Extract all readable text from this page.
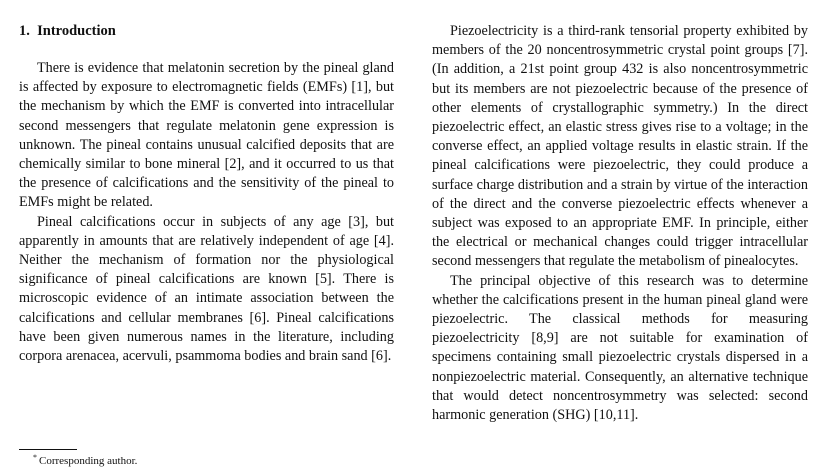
1. Introduction

There is evidence that melatonin secretion by the pineal gland is affected by exposure to electromagnetic fields (EMFs) [1], but the mechanism by which the EMF is converted into intracellular second messengers that regulate melatonin gene expression is unknown. The pineal contains unusual calcified deposits that are chemically similar to bone mineral [2], and it occurred to us that the presence of calcifications and the sensitivity of the pineal to EMFs might be related.

Pineal calcifications occur in subjects of any age [3], but apparently in amounts that are relatively independent of age [4]. Neither the mechanism of formation nor the physiological significance of pineal calcifications are known [5]. There is microscopic evidence of an intimate association between the calcifications and cellular membranes [6]. Pineal calcifications have been given numerous names in the literature, including corpora arenacea, acervuli, psammoma bodies and brain sand [6].

Piezoelectricity is a third-rank tensorial property exhibited by members of the 20 noncentrosymmetric crystal point groups [7]. (In addition, a 21st point group 432 is also noncentrosymmetric but its members are not piezoelectric because of the presence of other elements of crystallographic symmetry.) In the direct piezoelectric effect, an elastic stress gives rise to a voltage; in the converse effect, an applied voltage results in elastic strain. If the pineal calcifications were piezoelectric, they could produce a surface charge distribution and a strain by virtue of the interaction of the direct and the converse piezoelectric effects whenever a subject was exposed to an appropriate EMF. In principle, either the electrical or mechanical changes could trigger intracellular second messengers that regulate the metabolism of pinealocytes.

The principal objective of this research was to determine whether the calcifications present in the human pineal gland were piezoelectric. The classical methods for measuring piezoelectricity [8,9] are not suitable for examination of specimens containing small piezoelectric crystals dispersed in a nonpiezoelectric material. Consequently, an alternative technique that would detect noncentrosymmetry was selected: second harmonic generation (SHG) [10,11].

* Corresponding author.
